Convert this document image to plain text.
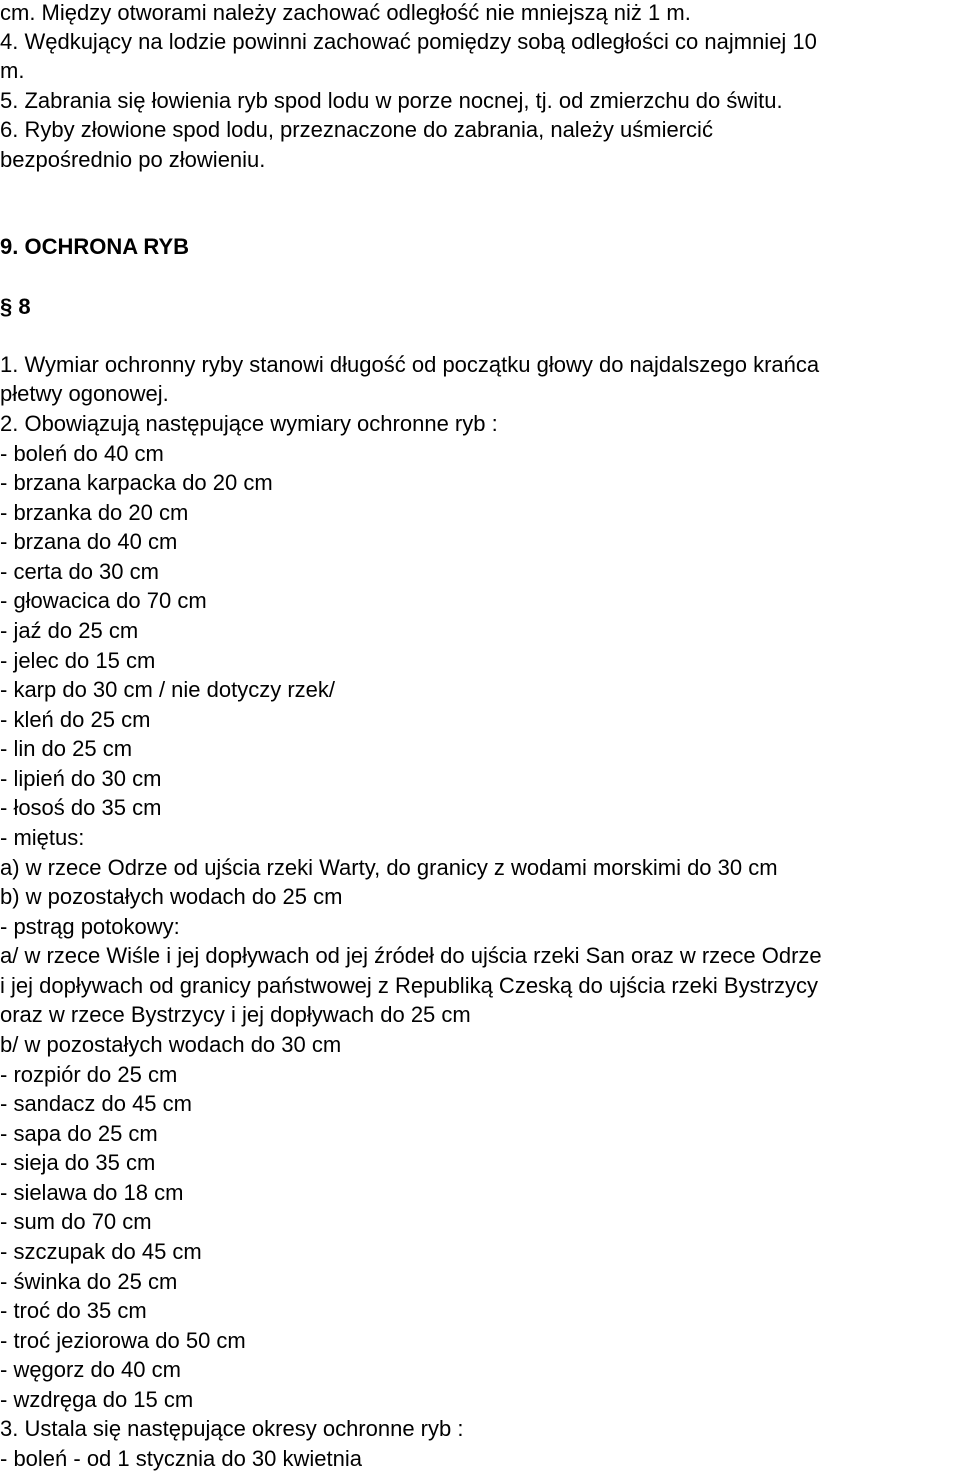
cm. Między otworami należy zachować odległość nie mniejszą niż 1 m.
4. Wędkujący na lodzie powinni zachować pomiędzy sobą odległości co najmniej 10
m.
5. Zabrania się łowienia ryb spod lodu w porze nocnej, tj. od zmierzchu do świtu.
6. Ryby złowione spod lodu, przeznaczone do zabrania, należy uśmiercić
bezpośrednio po złowieniu.
9. OCHRONA RYB
§ 8
1. Wymiar ochronny ryby stanowi długość od początku głowy do najdalszego krańca
płetwy ogonowej.
2. Obowiązują następujące wymiary ochronne ryb :
- boleń do 40 cm
- brzana karpacka do 20 cm
- brzanka do 20 cm
- brzana do 40 cm
- certa do 30 cm
- głowacica do 70 cm
- jaź do 25 cm
- jelec do 15 cm
- karp do 30 cm / nie dotyczy rzek/
- kleń do 25 cm
- lin do 25 cm
- lipień do 30 cm
- łosoś do 35 cm
- miętus:
a) w rzece Odrze od ujścia rzeki Warty, do granicy z wodami morskimi do 30 cm
b) w pozostałych wodach do 25 cm
- pstrąg potokowy:
a/ w rzece Wiśle i jej dopływach od jej źródeł do ujścia rzeki San oraz w rzece Odrze
i jej dopływach od granicy państwowej z Republiką Czeską do ujścia rzeki Bystrzycy
oraz w rzece Bystrzycy i jej dopływach do 25 cm
b/ w pozostałych wodach do 30 cm
- rozpiór do 25 cm
- sandacz do 45 cm
- sapa do 25 cm
- sieja do 35 cm
- sielawa do 18 cm
- sum do 70 cm
- szczupak do 45 cm
- świnka do 25 cm
- troć do 35 cm
- troć jeziorowa do 50 cm
- węgorz do 40 cm
- wzdręga do 15 cm
3. Ustala się następujące okresy ochronne ryb :
- boleń - od 1 stycznia do 30 kwietnia
